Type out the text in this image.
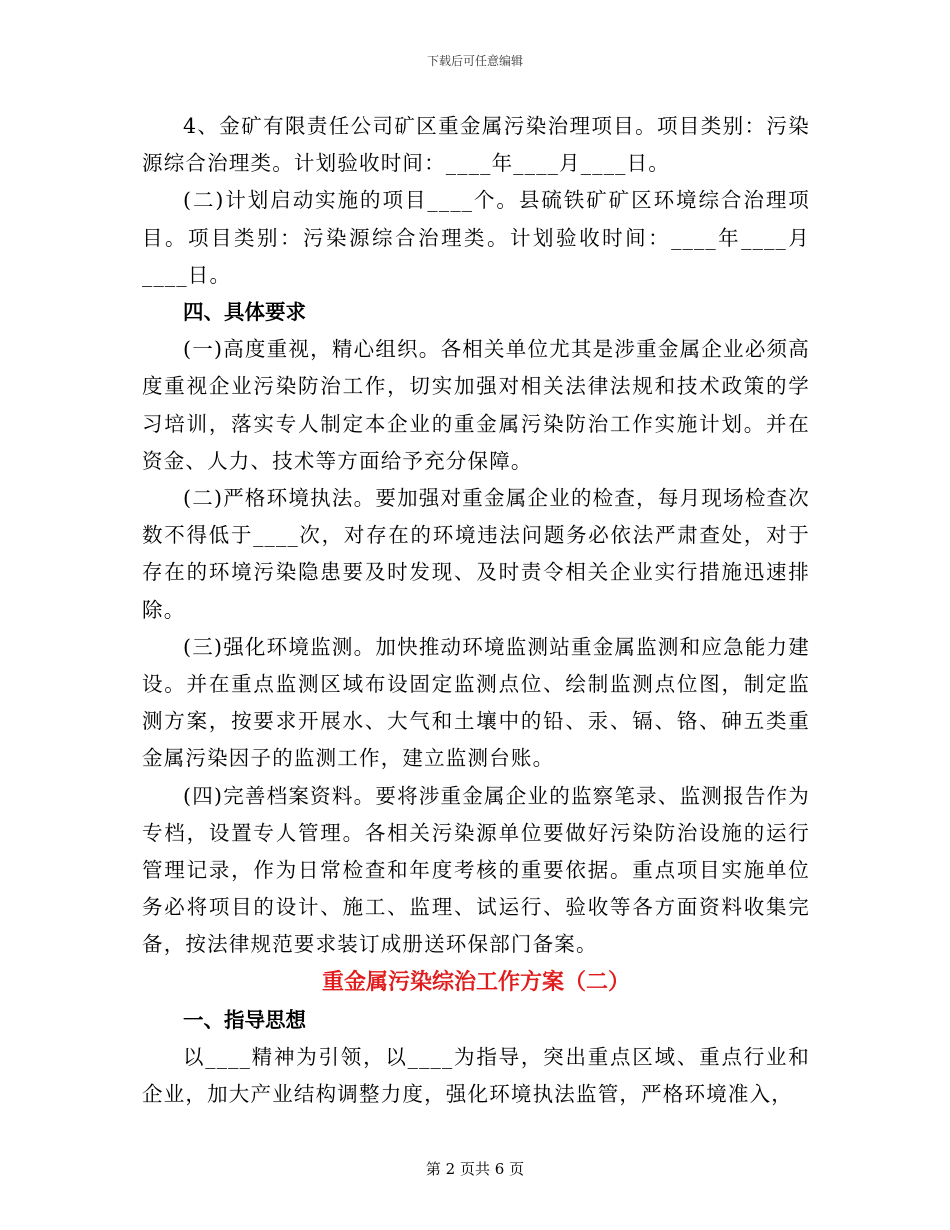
下载后可任意编辑

4、金矿有限责任公司矿区重金属污染治理项目。项目类别：污染源综合治理类。计划验收时间：____年____月____日。

(二)计划启动实施的项目____个。县硫铁矿矿区环境综合治理项目。项目类别：污染源综合治理类。计划验收时间：____年____月____日。

四、具体要求

(一)高度重视，精心组织。各相关单位尤其是涉重金属企业必须高度重视企业污染防治工作，切实加强对相关法律法规和技术政策的学习培训，落实专人制定本企业的重金属污染防治工作实施计划。并在资金、人力、技术等方面给予充分保障。

(二)严格环境执法。要加强对重金属企业的检查，每月现场检查次数不得低于____次，对存在的环境违法问题务必依法严肃查处，对于存在的环境污染隐患要及时发现、及时责令相关企业实行措施迅速排除。

(三)强化环境监测。加快推动环境监测站重金属监测和应急能力建设。并在重点监测区域布设固定监测点位、绘制监测点位图，制定监测方案，按要求开展水、大气和土壤中的铅、汞、镉、铬、砷五类重金属污染因子的监测工作，建立监测台账。

(四)完善档案资料。要将涉重金属企业的监察笔录、监测报告作为专档，设置专人管理。各相关污染源单位要做好污染防治设施的运行管理记录，作为日常检查和年度考核的重要依据。重点项目实施单位务必将项目的设计、施工、监理、试运行、验收等各方面资料收集完备，按法律规范要求装订成册送环保部门备案。

重金属污染综治工作方案（二）

一、指导思想

以____精神为引领，以____为指导，突出重点区域、重点行业和企业，加大产业结构调整力度，强化环境执法监管，严格环境准入，

第 2 页共 6 页
